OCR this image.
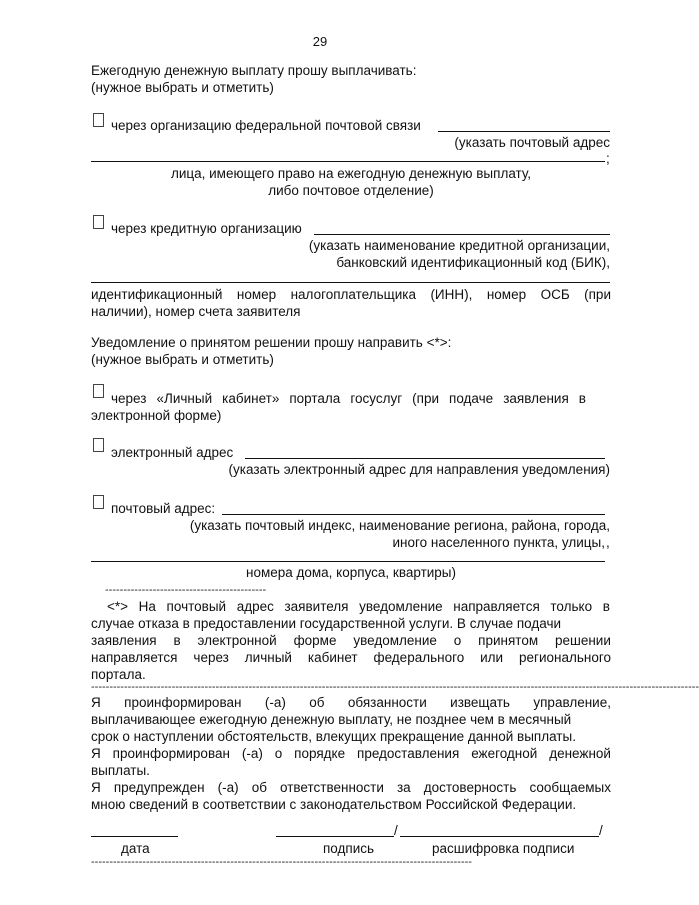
29
Ежегодную денежную выплату прошу выплачивать:
(нужное выбрать и отметить)
через организацию федеральной почтовой связи
(указать почтовый адрес
;
лица, имеющего право на ежегодную денежную выплату,
либо почтовое отделение)
через кредитную организацию
(указать наименование кредитной организации,
банковский идентификационный код (БИК),
идентификационный номер налогоплательщика (ИНН), номер ОСБ (при
наличии), номер счета заявителя
Уведомление о принятом решении прошу направить <*>:
(нужное выбрать и отметить)
через «Личный кабинет» портала госуслуг (при подаче заявления в
электронной форме)
электронный адрес
(указать электронный адрес для направления уведомления)
почтовый адрес:
(указать почтовый индекс, наименование региона, района, города,
иного населенного пункта, улицы, ,
номера дома, корпуса, квартиры)
--------------------------------------------
<*> На почтовый адрес заявителя уведомление направляется только в
случае отказа в предоставлении государственной услуги. В случае подачи
заявления в электронной форме уведомление о принятом решении
направляется через личный кабинет федерального или регионального
портала.
----------------------------------------------------------------------------------------------------------------------------------------------------------------------
Я проинформирован (-а) об обязанности извещать управление,
выплачивающее ежегодную денежную выплату, не позднее чем в месячный
срок о наступлении обстоятельств, влекущих прекращение данной выплаты.
Я проинформирован (-а) о порядке предоставления ежегодной денежной
выплаты.
Я предупрежден (-а) об ответственности за достоверность сообщаемых
мною сведений в соответствии с законодательством Российской Федерации.
/	/
дата	подпись	расшифровка подписи
--------------------------------------------------------------------------------------------------------
